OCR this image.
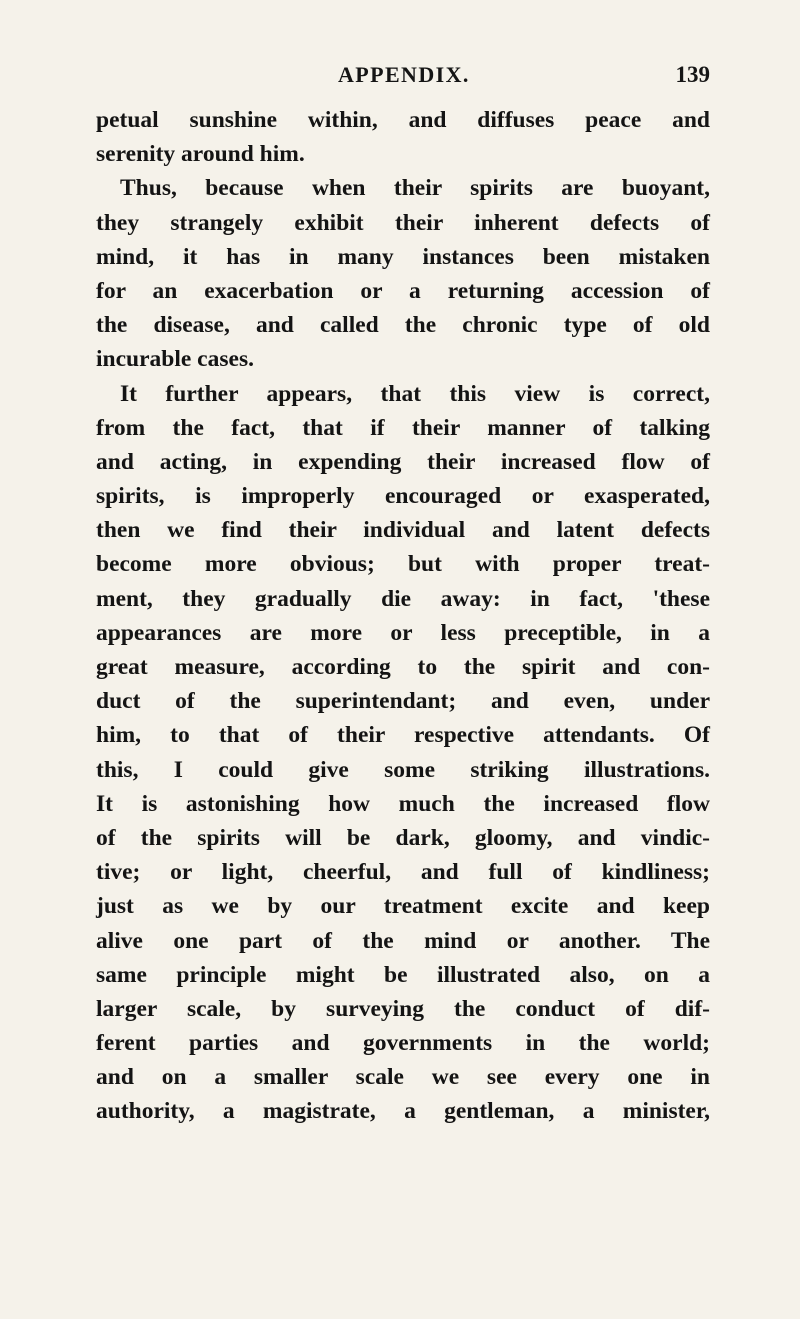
APPENDIX.	139
petual sunshine within, and diffuses peace and
serenity around him.
Thus, because when their spirits are buoyant,
they strangely exhibit their inherent defects of
mind, it has in many instances been mistaken
for an exacerbation or a returning accession of
the disease, and called the chronic type of old
incurable cases.
It further appears, that this view is correct,
from the fact, that if their manner of talking
and acting, in expending their increased flow of
spirits, is improperly encouraged or exasperated,
then we find their individual and latent defects
become more obvious; but with proper treat-
ment, they gradually die away: in fact, 'these
appearances are more or less preceptible, in a
great measure, according to the spirit and con-
duct of the superintendant; and even, under
him, to that of their respective attendants. Of
this, I could give some striking illustrations.
It is astonishing how much the increased flow
of the spirits will be dark, gloomy, and vindic-
tive; or light, cheerful, and full of kindliness;
just as we by our treatment excite and keep
alive one part of the mind or another. The
same principle might be illustrated also, on a
larger scale, by surveying the conduct of dif-
ferent parties and governments in the world;
and on a smaller scale we see every one in
authority, a magistrate, a gentleman, a minister,
